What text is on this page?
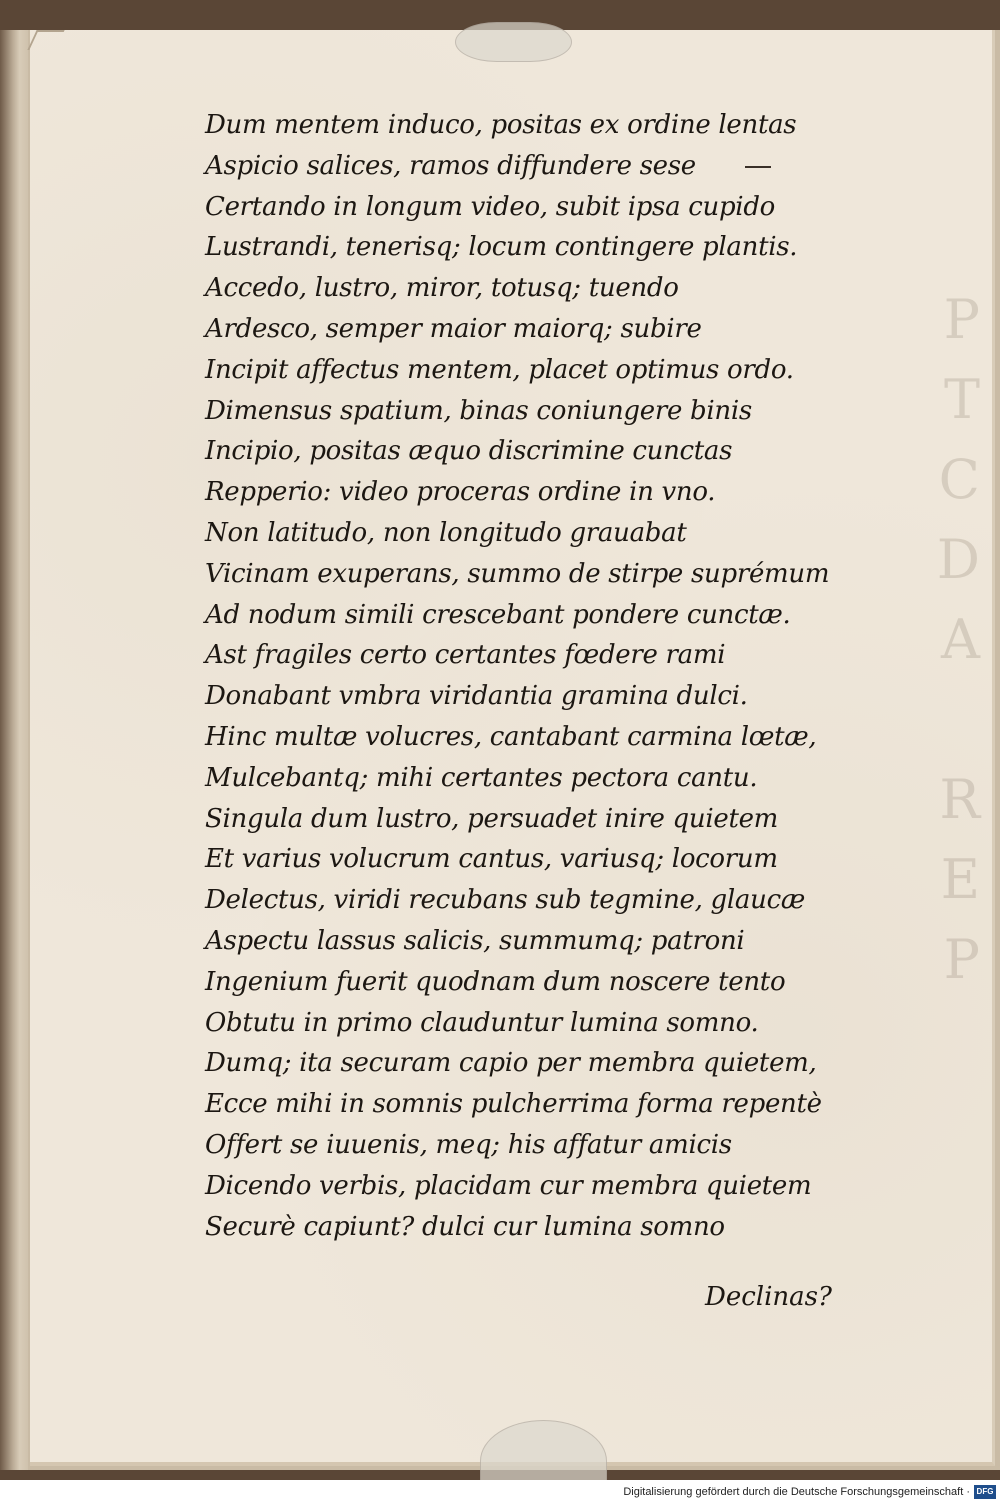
P
T
C
D
A

R
E
P
Dum mentem induco, positas ex ordine lentas
Aspicio salices, ramos diffundere sese
Certando in longum video, subit ipsa cupido
Lustrandi, tenerisq; locum contingere plantis.
Accedo, lustro, miror, totusq; tuendo
Ardesco, semper maior maiorq; subire
Incipit affectus mentem, placet optimus ordo.
Dimensus spatium, binas coniungere binis
Incipio, positas æquo discrimine cunctas
Repperio: video proceras ordine in vno.
Non latitudo, non longitudo grauabat
Vicinam exuperans, summo de stirpe suprémum
Ad nodum simili crescebant pondere cunctæ.
Ast fragiles certo certantes fœdere rami
Donabant vmbra viridantia gramina dulci.
Hinc multæ volucres, cantabant carmina lœtæ,
Mulcebantq; mihi certantes pectora cantu.
Singula dum lustro, persuadet inire quietem
Et varius volucrum cantus, variusq; locorum
Delectus, viridi recubans sub tegmine, glaucæ
Aspectu lassus salicis, summumq; patroni
Ingenium fuerit quodnam dum noscere tento
Obtutu in primo clauduntur lumina somno.
Dumq; ita securam capio per membra quietem,
Ecce mihi in somnis pulcherrima forma repentè
Offert se iuuenis, meq; his affatur amicis
Dicendo verbis, placidam cur membra quietem
Securè capiunt? dulci cur lumina somno
Declinas?
Digitalisierung gefördert durch die Deutsche Forschungsgemeinschaft · DFG
